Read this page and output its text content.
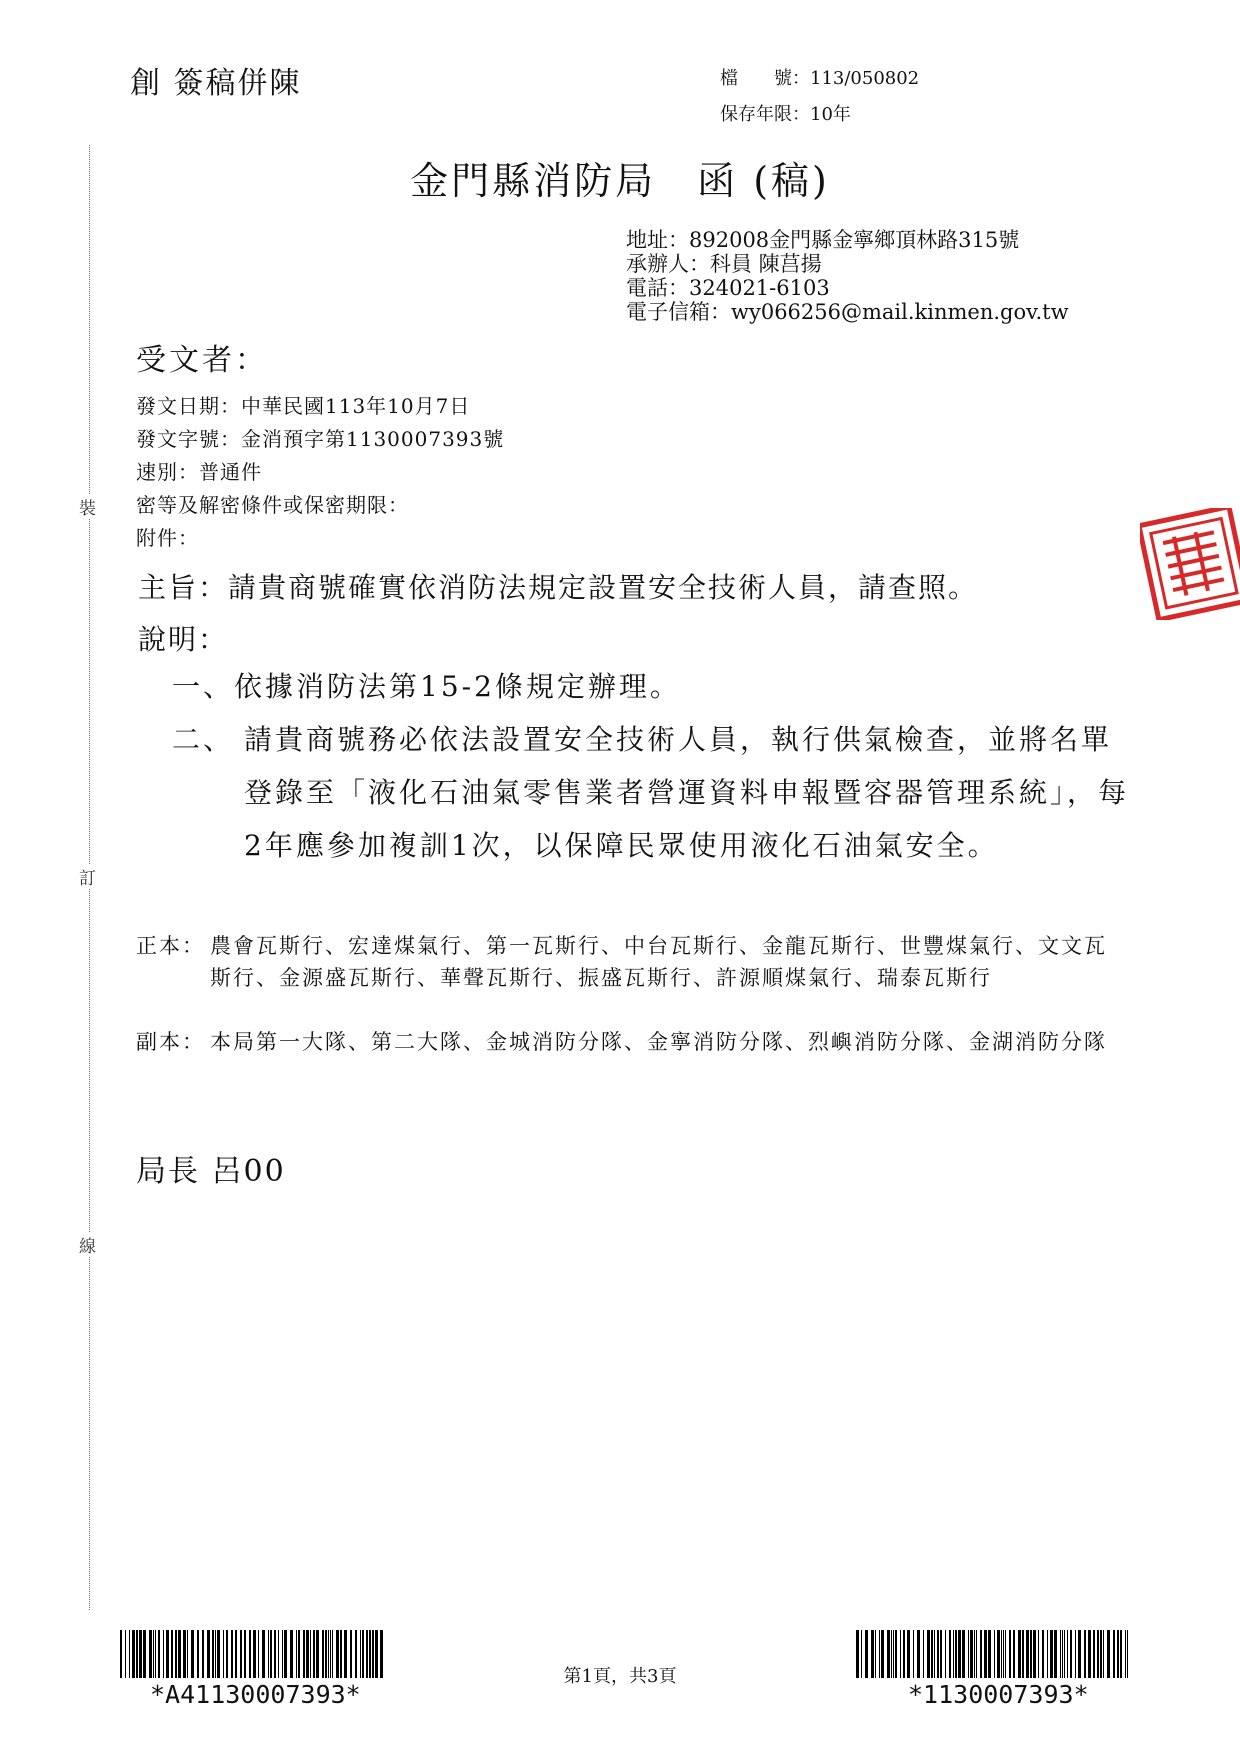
創 簽稿併陳	檔　　號：113/050802
保存年限：10年
金門縣消防局　函 (稿)
地址：892008金門縣金寧鄉頂林路315號
承辦人：科員 陳莒揚
電話：324021-6103
電子信箱：wy066256@mail.kinmen.gov.tw
受文者：
發文日期：中華民國113年10月7日
發文字號：金消預字第1130007393號
速別：普通件
密等及解密條件或保密期限：
附件：
主旨：請貴商號確實依消防法規定設置安全技術人員，請查照。
說明：
一、依據消防法第15-2條規定辦理。
二、 請貴商號務必依法設置安全技術人員，執行供氣檢查，並將名單登錄至「液化石油氣零售業者營運資料申報暨容器管理系統」，每2年應參加複訓1次，以保障民眾使用液化石油氣安全。
正本： 農會瓦斯行、宏達煤氣行、第一瓦斯行、中台瓦斯行、金龍瓦斯行、世豐煤氣行、文文瓦斯行、金源盛瓦斯行、華聲瓦斯行、振盛瓦斯行、許源順煤氣行、瑞泰瓦斯行
副本： 本局第一大隊、第二大隊、金城消防分隊、金寧消防分隊、烈嶼消防分隊、金湖消防分隊
局長 呂00
裝
訂
線
*A41130007393*
第1頁，共3頁
*1130007393*
